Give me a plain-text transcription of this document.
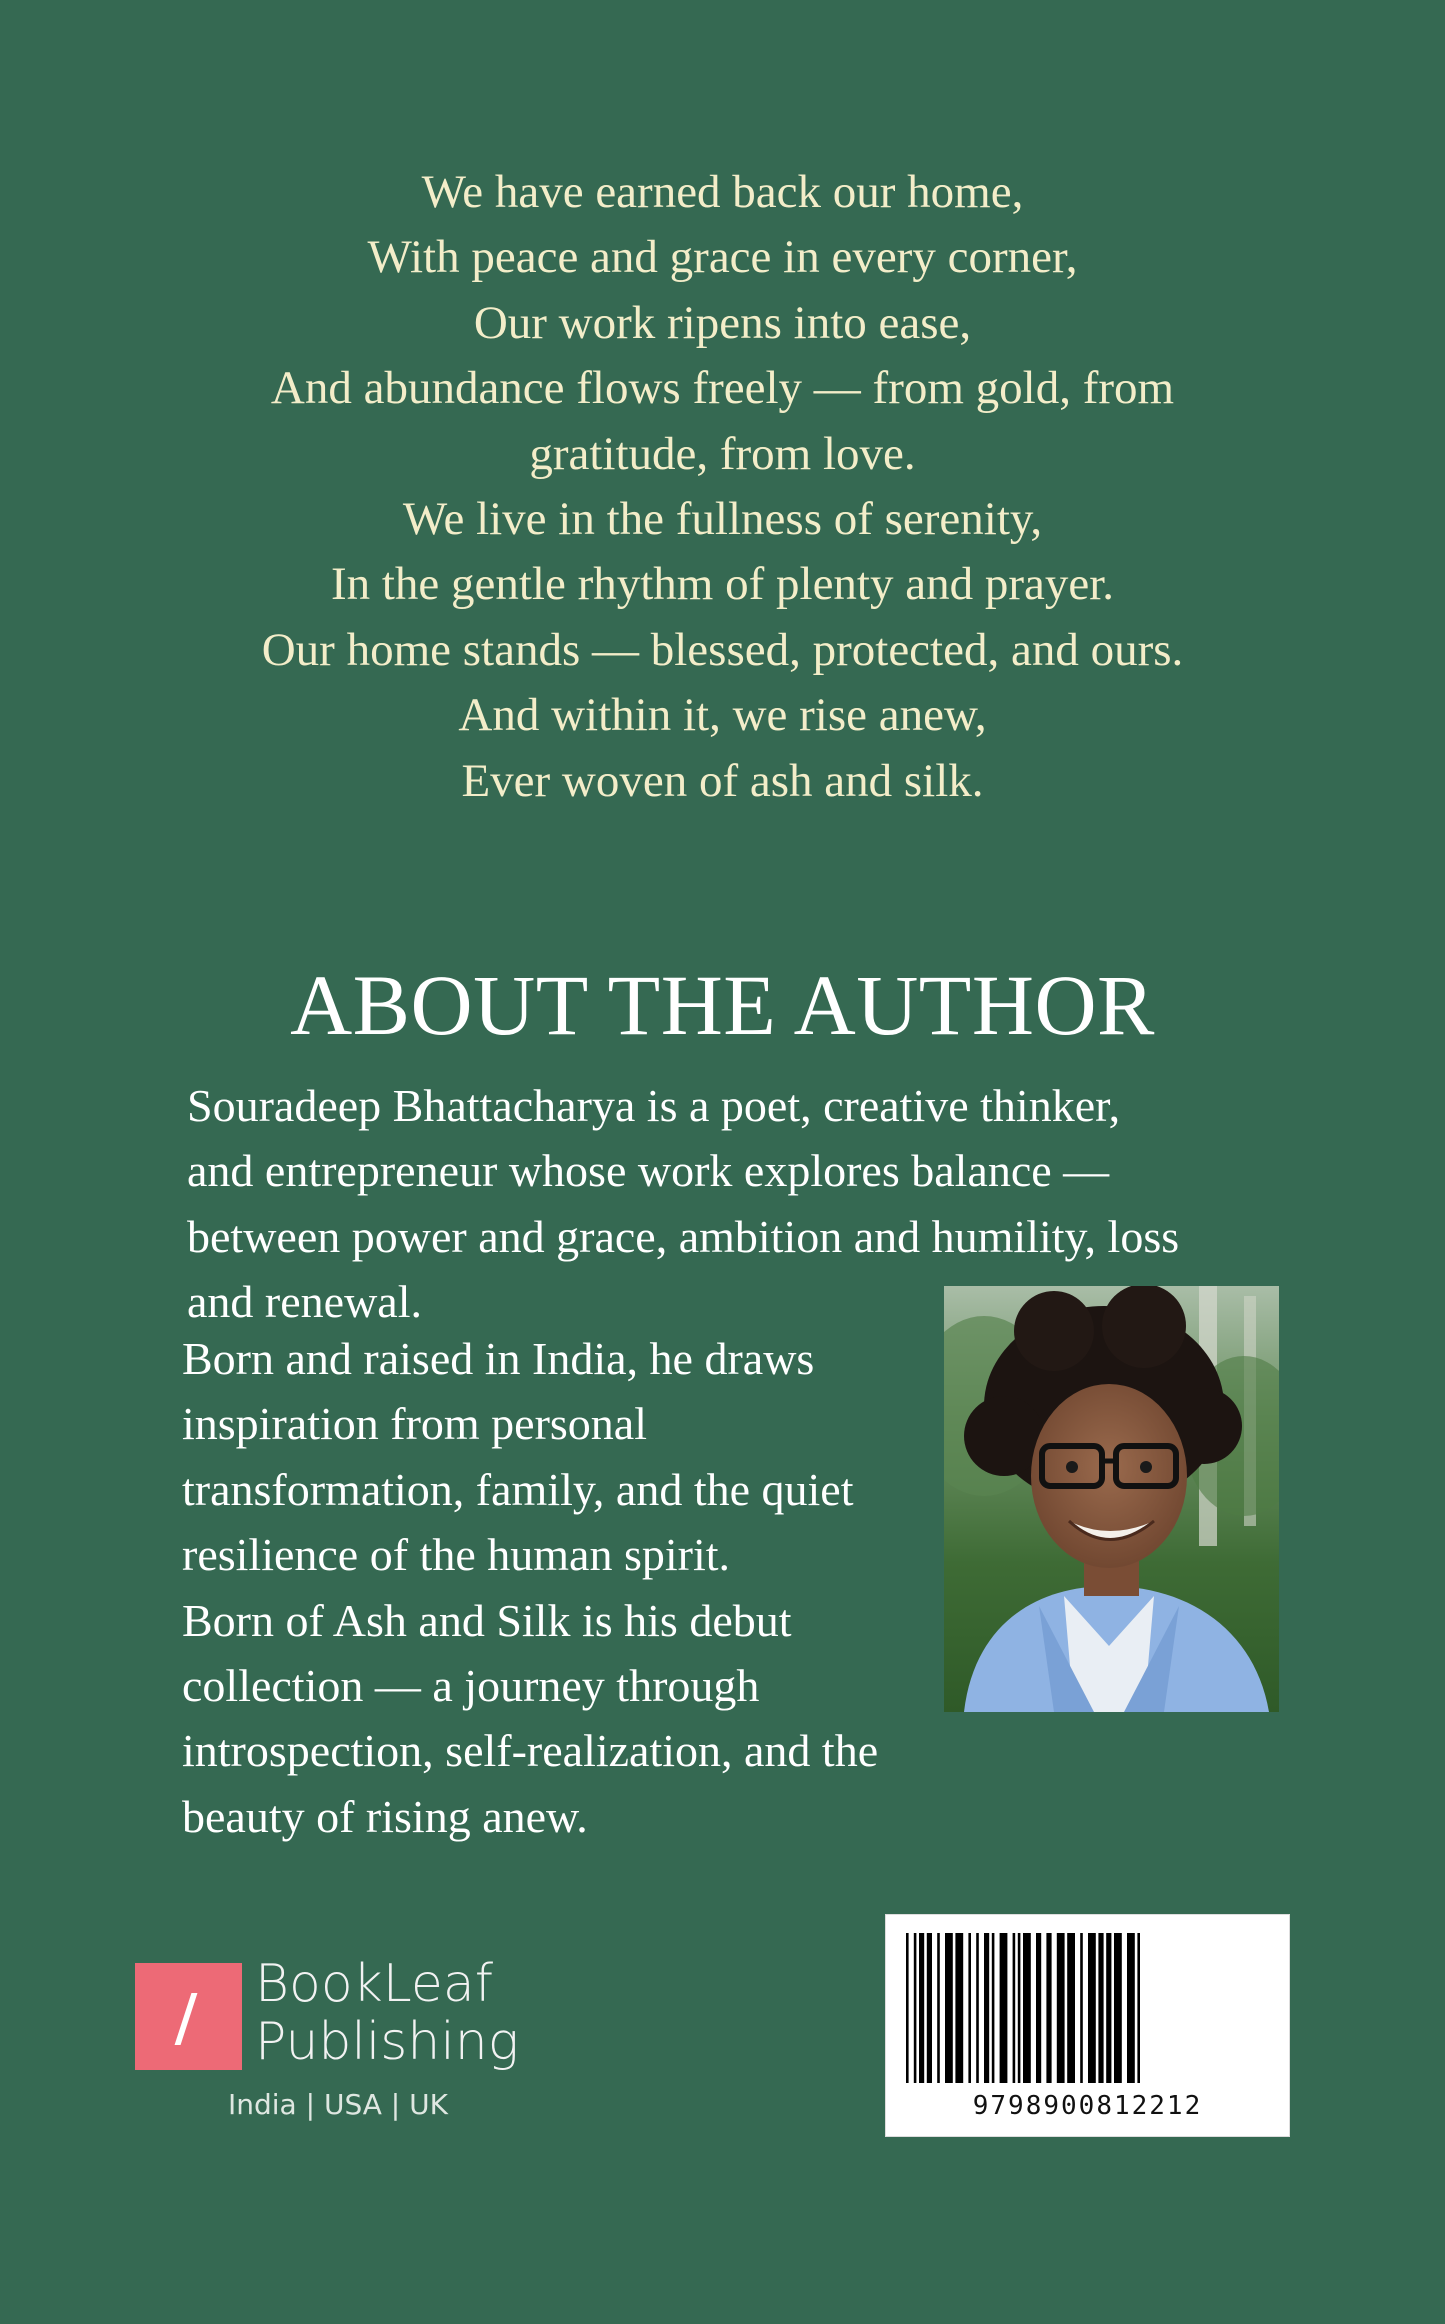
We have earned back our home,
With peace and grace in every corner,
Our work ripens into ease,
And abundance flows freely — from gold, from
gratitude, from love.
We live in the fullness of serenity,
In the gentle rhythm of plenty and prayer.
Our home stands — blessed, protected, and ours.
And within it, we rise anew,
Ever woven of ash and silk.
ABOUT THE AUTHOR
Souradeep Bhattacharya is a poet, creative thinker,
and entrepreneur whose work explores balance —
between power and grace, ambition and humility, loss
and renewal.
Born and raised in India, he draws
inspiration from personal
transformation, family, and the quiet
resilience of the human spirit.
Born of Ash and Silk is his debut
collection — a journey through
introspection, self-realization, and the
beauty of rising anew.
BookLeaf
Publishing
India | USA | UK	9798900812212
